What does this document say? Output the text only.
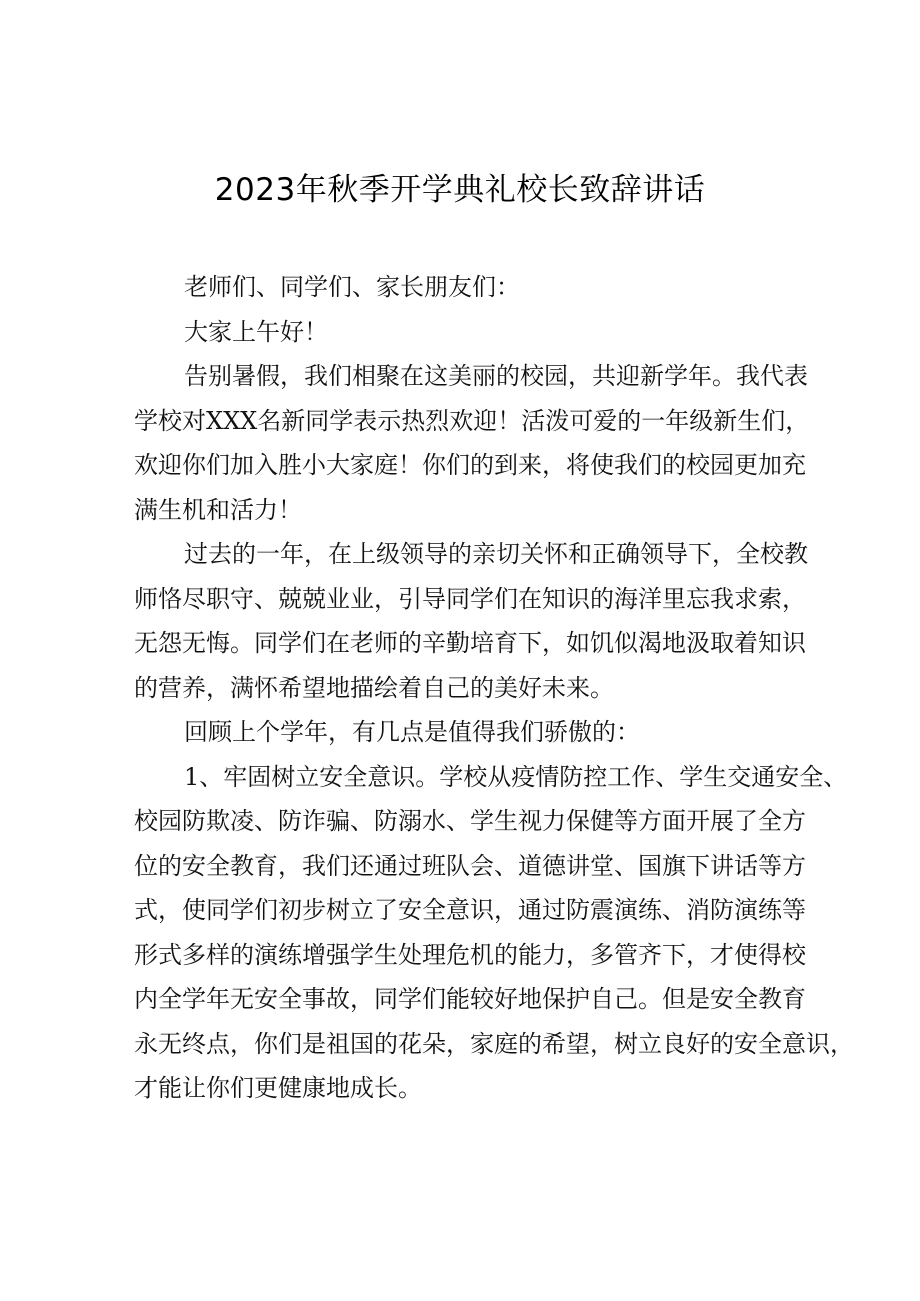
2023年秋季开学典礼校长致辞讲话
老师们、同学们、家长朋友们：
大家上午好！
告别暑假，我们相聚在这美丽的校园，共迎新学年。我代表
学校对XXX名新同学表示热烈欢迎！活泼可爱的一年级新生们，
欢迎你们加入胜小大家庭！你们的到来，将使我们的校园更加充
满生机和活力！
过去的一年，在上级领导的亲切关怀和正确领导下，全校教
师恪尽职守、兢兢业业，引导同学们在知识的海洋里忘我求索，
无怨无悔。同学们在老师的辛勤培育下，如饥似渴地汲取着知识
的营养，满怀希望地描绘着自己的美好未来。
回顾上个学年，有几点是值得我们骄傲的：
1、牢固树立安全意识。学校从疫情防控工作、学生交通安全、
校园防欺凌、防诈骗、防溺水、学生视力保健等方面开展了全方
位的安全教育，我们还通过班队会、道德讲堂、国旗下讲话等方
式，使同学们初步树立了安全意识，通过防震演练、消防演练等
形式多样的演练增强学生处理危机的能力，多管齐下，才使得校
内全学年无安全事故，同学们能较好地保护自己。但是安全教育
永无终点，你们是祖国的花朵，家庭的希望，树立良好的安全意识，
才能让你们更健康地成长。
